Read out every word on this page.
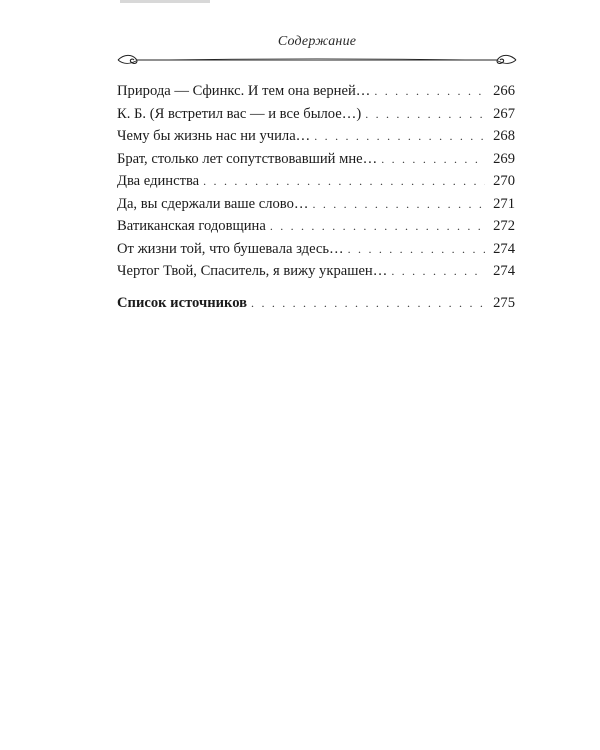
Содержание
Природа — Сфинкс. И тем она верней… . . .	266
К. Б. (Я встретил вас — и все былое…) . . .	267
Чему бы жизнь нас ни учила… . . .	268
Брат, столько лет сопутствовавший мне… . . .	269
Два единства . . .	270
Да, вы сдержали ваше слово… . . .	271
Ватиканская годовщина . . .	272
От жизни той, что бушевала здесь… . . .	274
Чертог Твой, Спаситель, я вижу украшен… . . .	274
Список источников . . .	275
